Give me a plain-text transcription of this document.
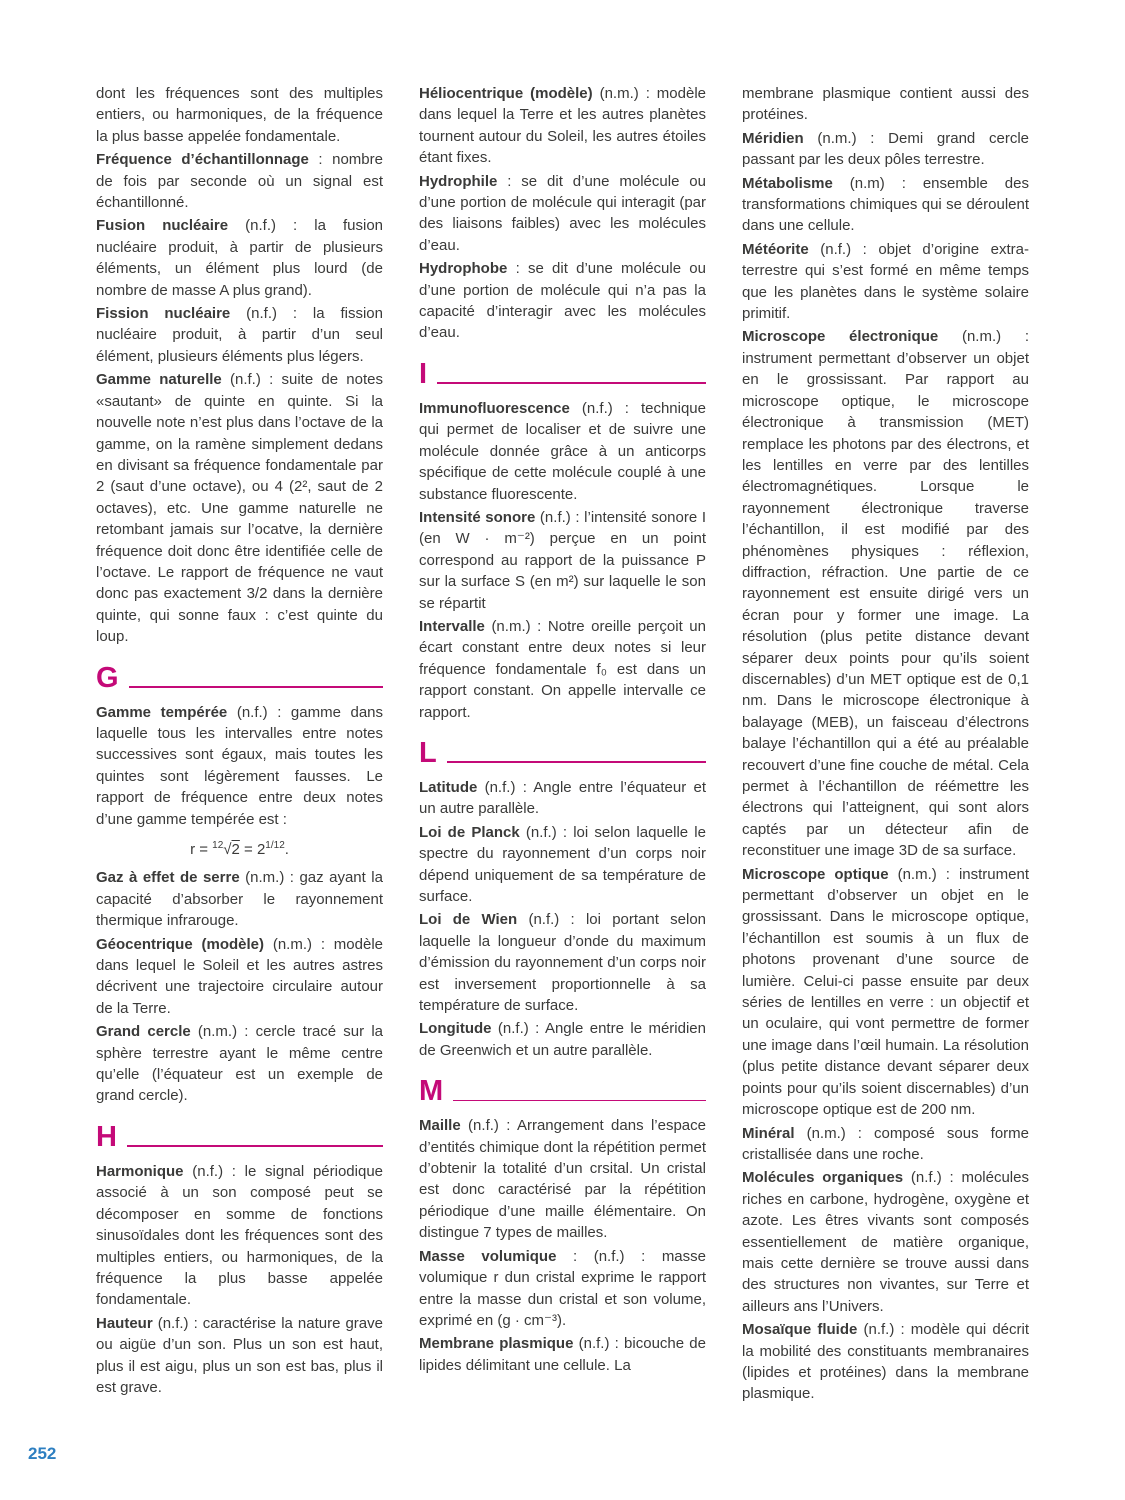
dont les fréquences sont des multiples entiers, ou harmoniques, de la fréquence la plus basse appelée fondamentale.

Fréquence d’échantillonnage : nombre de fois par seconde où un signal est échantillonné.

Fusion nucléaire (n.f.) : la fusion nucléaire produit, à partir de plusieurs éléments, un élément plus lourd (de nombre de masse A plus grand).

Fission nucléaire (n.f.) : la fission nucléaire produit, à partir d’un seul élément, plusieurs éléments plus légers.

Gamme naturelle (n.f.) : suite de notes «sautant» de quinte en quinte. Si la nouvelle note n’est plus dans l’octave de la gamme, on la ramène simplement dedans en divisant sa fréquence fondamentale par 2 (saut d’une octave), ou 4 (2², saut de 2 octaves), etc. Une gamme naturelle ne retombant jamais sur l’ocatve, la dernière fréquence doit donc être identifiée celle de l’octave. Le rapport de fréquence ne vaut donc pas exactement 3/2 dans la dernière quinte, qui sonne faux : c’est quinte du loup.

G

Gamme tempérée (n.f.) : gamme dans laquelle tous les intervalles entre notes successives sont égaux, mais toutes les quintes sont légèrement fausses. Le rapport de fréquence entre deux notes d’une gamme tempérée est :

$r = ^{12}√2 = 2^{1/12}$.

Gaz à effet de serre (n.m.) : gaz ayant la capacité d’absorber le rayonnement thermique infrarouge.

Géocentrique (modèle) (n.m.) : modèle dans lequel le Soleil et les autres astres décrivent une trajectoire circulaire autour de la Terre.

Grand cercle (n.m.) : cercle tracé sur la sphère terrestre ayant le même centre qu’elle (l’équateur est un exemple de grand cercle).

H

Harmonique (n.f.) : le signal périodique associé à un son composé peut se décomposer en somme de fonctions sinusoïdales dont les fréquences sont des multiples entiers, ou harmoniques, de la fréquence la plus basse appelée fondamentale.

Hauteur (n.f.) : caractérise la nature grave ou aigüe d’un son. Plus un son est haut, plus il est aigu, plus un son est bas, plus il est grave.

Héliocentrique (modèle) (n.m.) : modèle dans lequel la Terre et les autres planètes tournent autour du Soleil, les autres étoiles étant fixes.

Hydrophile : se dit d’une molécule ou d’une portion de molécule qui interagit (par des liaisons faibles) avec les molécules d’eau.

Hydrophobe : se dit d’une molécule ou d’une portion de molécule qui n’a pas la capacité d’interagir avec les molécules d’eau.

I

Immunofluorescence (n.f.) : technique qui permet de localiser et de suivre une molécule donnée grâce à un anticorps spécifique de cette molécule couplé à une substance fluorescente.

Intensité sonore (n.f.) : l’intensité sonore I (en W · m⁻²) perçue en un point correspond au rapport de la puissance P sur la surface S (en m²) sur laquelle le son se répartit

Intervalle (n.m.) : Notre oreille perçoit un écart constant entre deux notes si leur fréquence fondamentale f₀ est dans un rapport constant. On appelle intervalle ce rapport.

L

Latitude (n.f.) : Angle entre l’équateur et un autre parallèle.

Loi de Planck (n.f.) : loi selon laquelle le spectre du rayonnement d’un corps noir dépend uniquement de sa température de surface.

Loi de Wien (n.f.) : loi portant selon laquelle la longueur d’onde du maximum d’émission du rayonnement d’un corps noir est inversement proportionnelle à sa température de surface.

Longitude (n.f.) : Angle entre le méridien de Greenwich et un autre parallèle.

M

Maille (n.f.) : Arrangement dans l’espace d’entités chimique dont la répétition permet d’obtenir la totalité d’un crsital. Un cristal est donc caractérisé par la répétition périodique d’une maille élémentaire. On distingue 7 types de mailles.

Masse volumique : (n.f.) : masse volumique r dun cristal exprime le rapport entre la masse dun cristal et son volume, exprimé en (g · cm⁻³).

Membrane plasmique (n.f.) : bicouche de lipides délimitant une cellule. La

membrane plasmique contient aussi des protéines.

Méridien (n.m.) : Demi grand cercle passant par les deux pôles terrestre.

Métabolisme (n.m) : ensemble des transformations chimiques qui se déroulent dans une cellule.

Météorite (n.f.) : objet d’origine extra-terrestre qui s’est formé en même temps que les planètes dans le système solaire primitif.

Microscope électronique (n.m.) : instrument permettant d’observer un objet en le grossissant. Par rapport au microscope optique, le microscope électronique à transmission (MET) remplace les photons par des électrons, et les lentilles en verre par des lentilles électromagnétiques. Lorsque le rayonnement électronique traverse l’échantillon, il est modifié par des phénomènes physiques : réflexion, diffraction, réfraction. Une partie de ce rayonnement est ensuite dirigé vers un écran pour y former une image. La résolution (plus petite distance devant séparer deux points pour qu’ils soient discernables) d’un MET optique est de 0,1 nm. Dans le microscope électronique à balayage (MEB), un faisceau d’électrons balaye l’échantillon qui a été au préalable recouvert d’une fine couche de métal. Cela permet à l’échantillon de réémettre les électrons qui l’atteignent, qui sont alors captés par un détecteur afin de reconstituer une image 3D de sa surface.

Microscope optique (n.m.) : instrument permettant d’observer un objet en le grossissant. Dans le microscope optique, l’échantillon est soumis à un flux de photons provenant d’une source de lumière. Celui-ci passe ensuite par deux séries de lentilles en verre : un objectif et un oculaire, qui vont permettre de former une image dans l’œil humain. La résolution (plus petite distance devant séparer deux points pour qu’ils soient discernables) d’un microscope optique est de 200 nm.

Minéral (n.m.) : composé sous forme cristallisée dans une roche.

Molécules organiques (n.f.) : molécules riches en carbone, hydrogène, oxygène et azote. Les êtres vivants sont composés essentiellement de matière organique, mais cette dernière se trouve aussi dans des structures non vivantes, sur Terre et ailleurs ans l’Univers.

Mosaïque fluide (n.f.) : modèle qui décrit la mobilité des constituants membranaires (lipides et protéines) dans la membrane plasmique.

252
